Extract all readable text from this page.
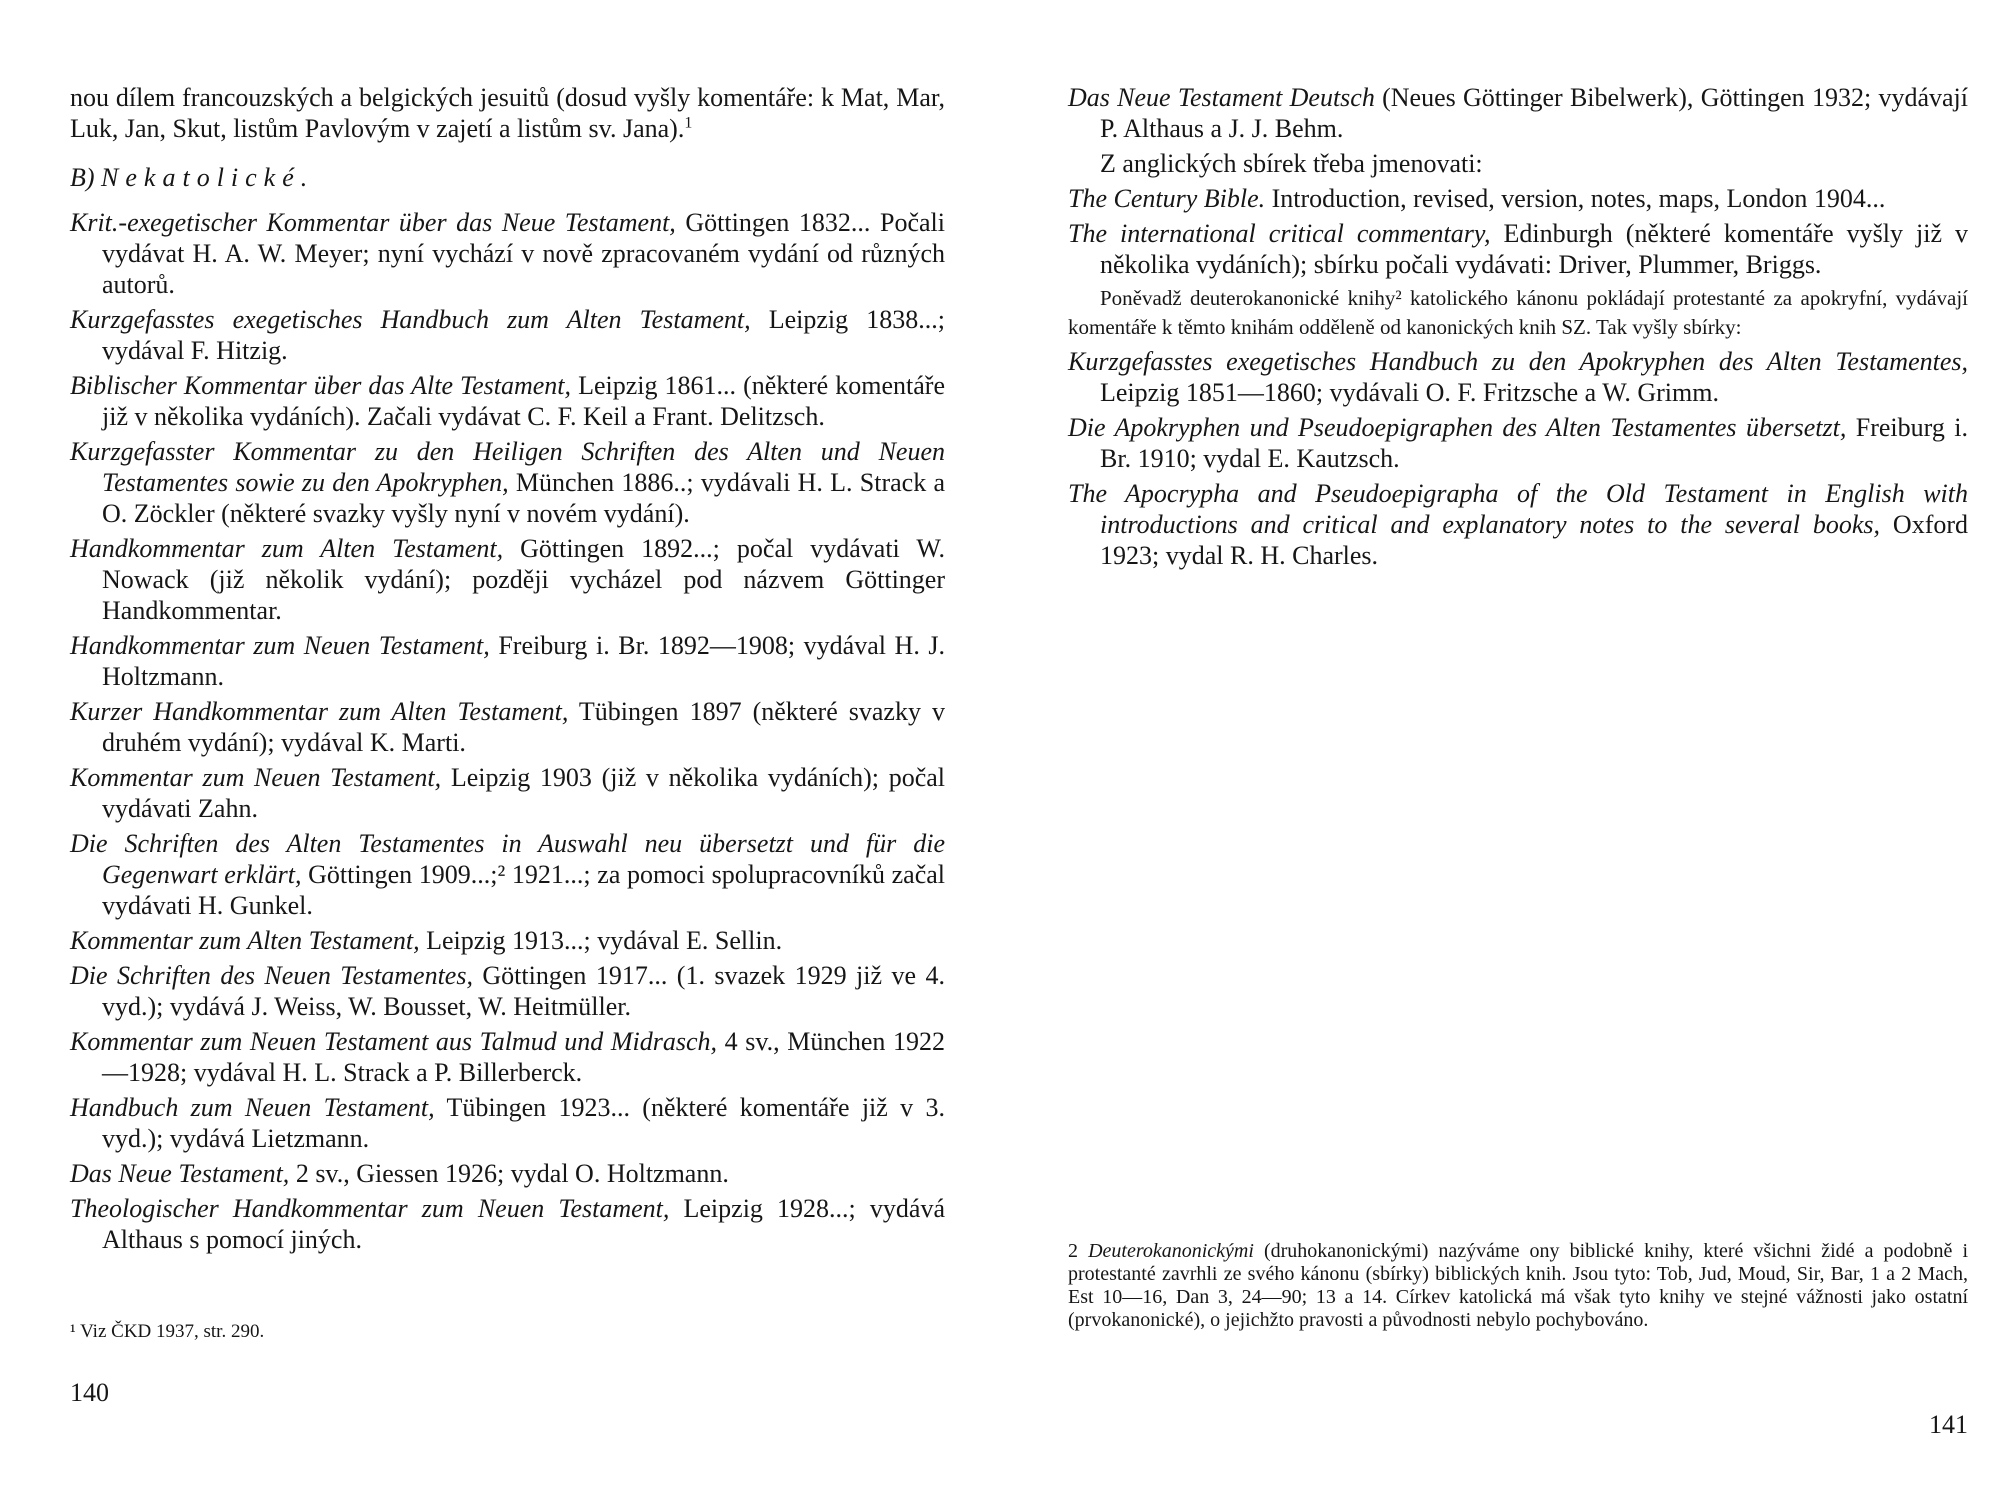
nou dílem francouzských a belgických jesuitů (dosud vyšly komentáře: k Mat, Mar, Luk, Jan, Skut, listům Pavlovým v zajetí a listům sv. Jana).$^1$

B) Nekatolické.

Krit.-exegetischer Kommentar über das Neue Testament, Göttingen 1832... Počali vydávat H. A. W. Meyer; nyní vychází v nově zpracovaném vydání od různých autorů.

Kurzgefasstes exegetisches Handbuch zum Alten Testament, Leipzig 1838...; vydával F. Hitzig.

Biblischer Kommentar über das Alte Testament, Leipzig 1861... (některé komentáře již v několika vydáních). Začali vydávat C. F. Keil a Frant. Delitzsch.

Kurzgefasster Kommentar zu den Heiligen Schriften des Alten und Neuen Testamentes sowie zu den Apokryphen, München 1886..; vydávali H. L. Strack a O. Zöckler (některé svazky vyšly nyní v novém vydání).

Handkommentar zum Alten Testament, Göttingen 1892...; počal vydávati W. Nowack (již několik vydání); později vycházel pod názvem Göttinger Handkommentar.

Handkommentar zum Neuen Testament, Freiburg i. Br. 1892—1908; vydával H. J. Holtzmann.

Kurzer Handkommentar zum Alten Testament, Tübingen 1897 (některé svazky v druhém vydání); vydával K. Marti.

Kommentar zum Neuen Testament, Leipzig 1903 (již v několika vydáních); počal vydávati Zahn.

Die Schriften des Alten Testamentes in Auswahl neu übersetzt und für die Gegenwart erklärt, Göttingen 1909...;² 1921...; za pomoci spolupracovníků začal vydávati H. Gunkel.

Kommentar zum Alten Testament, Leipzig 1913...; vydával E. Sellin.

Die Schriften des Neuen Testamentes, Göttingen 1917... (1. svazek 1929 již ve 4. vyd.); vydává J. Weiss, W. Bousset, W. Heitmüller.

Kommentar zum Neuen Testament aus Talmud und Midrasch, 4 sv., München 1922—1928; vydával H. L. Strack a P. Billerberck.

Handbuch zum Neuen Testament, Tübingen 1923... (některé komentáře již v 3. vyd.); vydává Lietzmann.

Das Neue Testament, 2 sv., Giessen 1926; vydal O. Holtzmann.

Theologischer Handkommentar zum Neuen Testament, Leipzig 1928...; vydává Althaus s pomocí jiných.

¹ Viz ČKD 1937, str. 290.
140

Das Neue Testament Deutsch (Neues Göttinger Bibelwerk), Göttingen 1932; vydávají P. Althaus a J. J. Behm.

Z anglických sbírek třeba jmenovati:

The Century Bible. Introduction, revised, version, notes, maps, London 1904...

The international critical commentary, Edinburgh (některé komentáře vyšly již v několika vydáních); sbírku počali vydávati: Driver, Plummer, Briggs.

Poněvadž deuterokanonické knihy² katolického kánonu pokládají protestanté za apokryfní, vydávají komentáře k těmto knihám odděleně od kanonických knih SZ. Tak vyšly sbírky:

Kurzgefasstes exegetisches Handbuch zu den Apokryphen des Alten Testamentes, Leipzig 1851—1860; vydávali O. F. Fritzsche a W. Grimm.

Die Apokryphen und Pseudoepigraphen des Alten Testamentes übersetzt, Freiburg i. Br. 1910; vydal E. Kautzsch.

The Apocrypha and Pseudoepigrapha of the Old Testament in English with introductions and critical and explanatory notes to the several books, Oxford 1923; vydal R. H. Charles.

2 Deuterokanonickými (druhokanonickými) nazýváme ony biblické knihy, které všichni židé a podobně i protestanté zavrhli ze svého kánonu (sbírky) biblických knih. Jsou tyto: Tob, Jud, Moud, Sir, Bar, 1 a 2 Mach, Est 10—16, Dan 3, 24—90; 13 a 14. Církev katolická má však tyto knihy ve stejné vážnosti jako ostatní (prvokanonické), o jejichžto pravosti a původnosti nebylo pochybováno.
141
